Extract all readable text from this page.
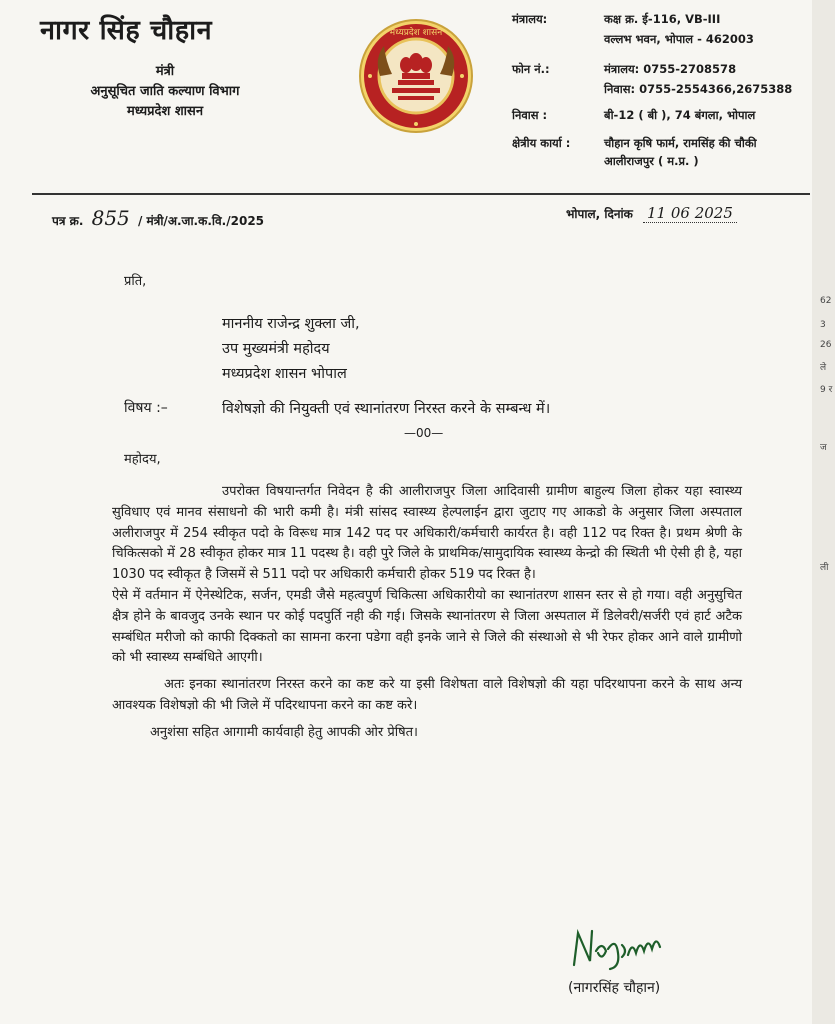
नागर सिंह चौहान
मंत्री
अनुसूचित जाति कल्याण विभाग
मध्यप्रदेश शासन
मध्यप्रदेश शासन
मंत्रालय:	कक्ष क्र. ई-116, VB-III
वल्लभ भवन, भोपाल - 462003
फोन नं.:	मंत्रालय: 0755-2708578
निवास: 0755-2554366,2675388
निवास :	बी-12 ( बी ), 74 बंगला, भोपाल
क्षेत्रीय कार्या :	चौहान कृषि फार्म, रामसिंह की चौकी
आलीराजपुर ( म.प्र. )
पत्र क्र. 855 / मंत्री/अ.जा.क.वि./2025	भोपाल, दिनांक 11 06 2025
प्रति,
माननीय राजेन्द्र शुक्ला जी,
उप मुख्यमंत्री महोदय
मध्यप्रदेश शासन भोपाल
विषय :–	विशेषज्ञो की नियुक्ती एवं स्थानांतरण निरस्त करने के सम्बन्ध में।
—00—
महोदय,

उपरोक्त विषयान्तर्गत निवेदन है की आलीराजपुर जिला आदिवासी ग्रामीण बाहुल्य जिला होकर यहा स्वास्थ्य सुविधाए एवं मानव संसाधनो की भारी कमी है। मंत्री सांसद स्वास्थ्य हेल्पलाईन द्वारा जुटाए गए आकडो के अनुसार जिला अस्पताल अलीराजपुर में 254 स्वीकृत पदो के विरूध मात्र 142 पद पर अधिकारी/कर्मचारी कार्यरत है। वही 112 पद रिक्त है। प्रथम श्रेणी के चिकित्सको में 28 स्वीकृत होकर मात्र 11 पदस्थ है। वही पुरे जिले के प्राथमिक/सामुदायिक स्वास्थ्य केन्द्रो की स्थिती भी ऐसी ही है, यहा 1030 पद स्वीकृत है जिसमें से 511 पदो पर अधिकारी कर्मचारी होकर 519 पद रिक्त है।

ऐसे में वर्तमान में ऐनेस्थेटिक, सर्जन, एमडी जैसे महत्वपुर्ण चिकित्सा अधिकारीयो का स्थानांतरण शासन स्तर से हो गया। वही अनुसुचित क्षैत्र होने के बावजुद उनके स्थान पर कोई पदपुर्ति नही की गई। जिसके स्थानांतरण से जिला अस्पताल में डिलेवरी/सर्जरी एवं हार्ट अटैक सम्बंधित मरीजो को काफी दिक्कतो का सामना करना पडेगा वही इनके जाने से जिले की संस्थाओ से भी रेफर होकर आने वाले ग्रामीणो को भी स्वास्थ्य सम्बंधिते आएगी।

अतः इनका स्थानांतरण निरस्त करने का कष्ट करे या इसी विशेषता वाले विशेषज्ञो की यहा पदिरथापना करने के साथ अन्य आवश्यक विशेषज्ञो की भी जिले में पदिरथापना करने का कष्ट करे।

अनुशंसा सहित आगामी कार्यवाही हेतु आपकी ओर प्रेषित।

Nagsinh
(नागरसिंह चौहान)
62
3
26
ले
9 र
ज
ली
